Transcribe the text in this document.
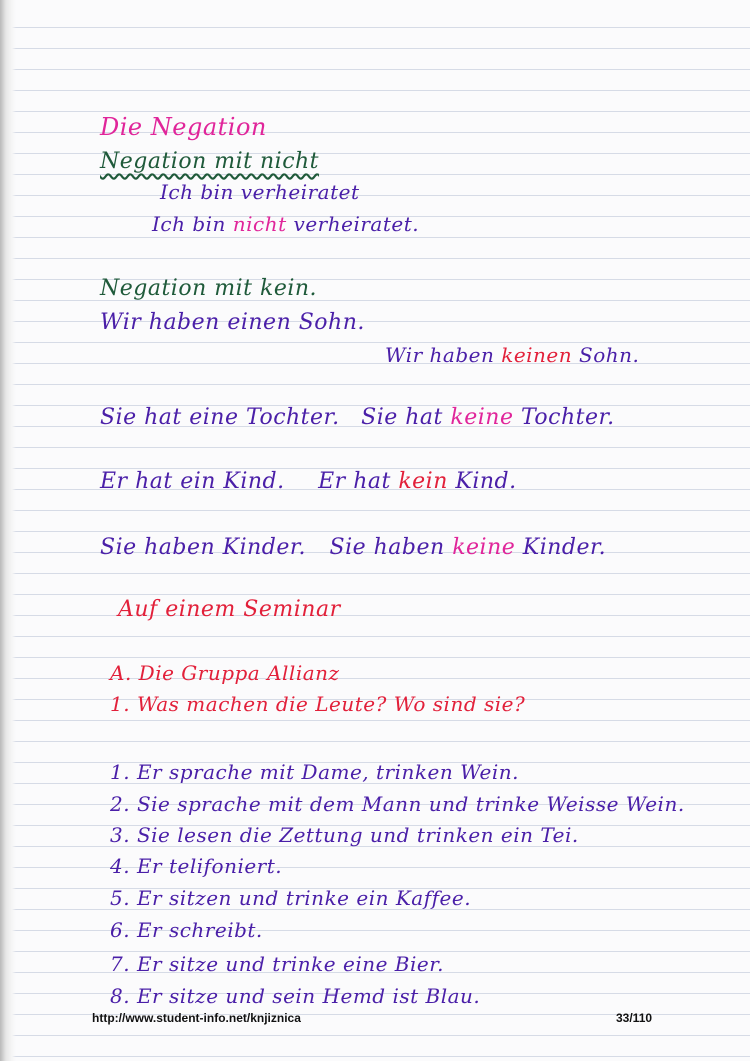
Die Negation
Negation mit nicht
Ich bin verheiratet
Ich bin nicht verheiratet.
Negation mit kein.
Wir haben einen Sohn.
Wir haben keinen Sohn.
Sie hat eine Tochter. Sie hat keine Tochter.
Er hat ein Kind. Er hat kein Kind.
Sie haben Kinder. Sie haben keine Kinder.
Auf einem Seminar
A. Die Gruppa Allianz
1. Was machen die Leute? Wo sind sie?
1. Er sprache mit Dame, trinken Wein.
2. Sie sprache mit dem Mann und trinke Weisse Wein.
3. Sie lesen die Zettung und trinken ein Tei.
4. Er telifoniert.
5. Er sitzen und trinke ein Kaffee.
6. Er schreibt.
7. Er sitze und trinke eine Bier.
8. Er sitze und sein Hemd ist Blau.
http://www.student-info.net/knjiznica	33/110
